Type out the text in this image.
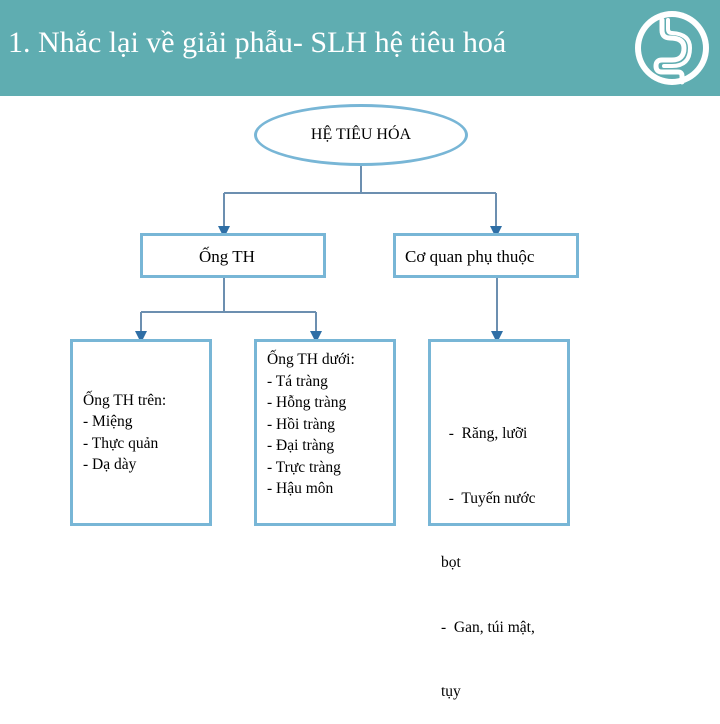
1. Nhắc lại về giải phẫu- SLH hệ tiêu hoá
HỆ TIÊU HÓA
Ống TH	Cơ quan phụ thuộc
Ống TH trên:
- Miệng
- Thực quản
- Dạ dày
Ống TH dưới:
- Tá tràng
- Hỗng tràng
- Hồi tràng
- Đại tràng
- Trực tràng
- Hậu môn

-  Răng, lưỡi

-  Tuyến nước

bọt

-  Gan, túi mật,

tụy
